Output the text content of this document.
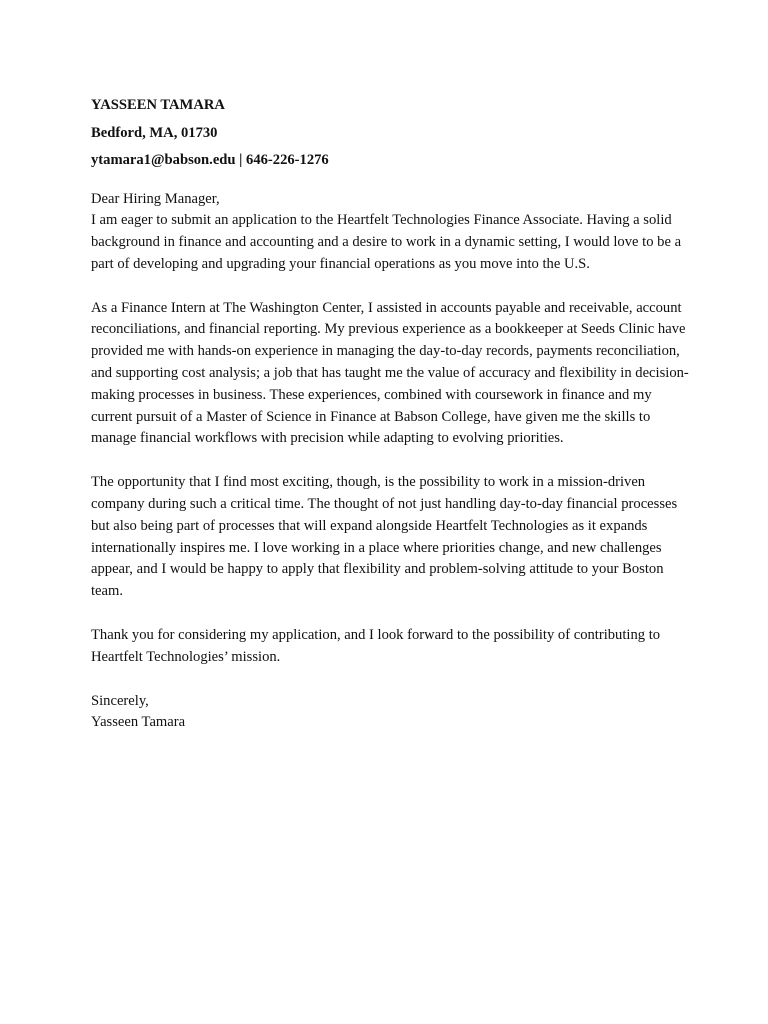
YASSEEN TAMARA
Bedford, MA, 01730
ytamara1@babson.edu | 646-226-1276
Dear Hiring Manager,

I am eager to submit an application to the Heartfelt Technologies Finance Associate. Having a solid background in finance and accounting and a desire to work in a dynamic setting, I would love to be a part of developing and upgrading your financial operations as you move into the U.S.

As a Finance Intern at The Washington Center, I assisted in accounts payable and receivable, account reconciliations, and financial reporting. My previous experience as a bookkeeper at Seeds Clinic have provided me with hands-on experience in managing the day-to-day records, payments reconciliation, and supporting cost analysis; a job that has taught me the value of accuracy and flexibility in decision-making processes in business. These experiences, combined with coursework in finance and my current pursuit of a Master of Science in Finance at Babson College, have given me the skills to manage financial workflows with precision while adapting to evolving priorities.

The opportunity that I find most exciting, though, is the possibility to work in a mission-driven company during such a critical time. The thought of not just handling day-to-day financial processes but also being part of processes that will expand alongside Heartfelt Technologies as it expands internationally inspires me. I love working in a place where priorities change, and new challenges appear, and I would be happy to apply that flexibility and problem-solving attitude to your Boston team.

Thank you for considering my application, and I look forward to the possibility of contributing to Heartfelt Technologies’ mission.

Sincerely,
Yasseen Tamara
